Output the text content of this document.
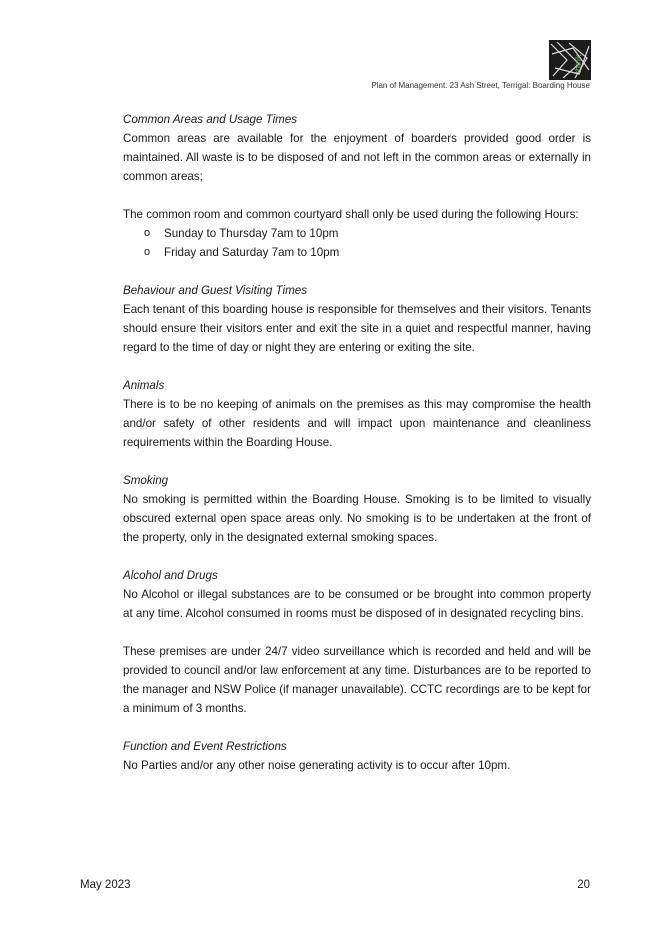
think
Plan of Management: 23 Ash Street, Terrigal: Boarding House
Common Areas and Usage Times

Common areas are available for the enjoyment of boarders provided good order is maintained. All waste is to be disposed of and not left in the common areas or externally in common areas;

The common room and common courtyard shall only be used during the following Hours:

o Sunday to Thursday 7am to 10pm
o Friday and Saturday 7am to 10pm
Behaviour and Guest Visiting Times

Each tenant of this boarding house is responsible for themselves and their visitors. Tenants should ensure their visitors enter and exit the site in a quiet and respectful manner, having regard to the time of day or night they are entering or exiting the site.

Animals

There is to be no keeping of animals on the premises as this may compromise the health and/or safety of other residents and will impact upon maintenance and cleanliness requirements within the Boarding House.

Smoking

No smoking is permitted within the Boarding House. Smoking is to be limited to visually obscured external open space areas only. No smoking is to be undertaken at the front of the property, only in the designated external smoking spaces.

Alcohol and Drugs

No Alcohol or illegal substances are to be consumed or be brought into common property at any time. Alcohol consumed in rooms must be disposed of in designated recycling bins.

These premises are under 24/7 video surveillance which is recorded and held and will be provided to council and/or law enforcement at any time. Disturbances are to be reported to the manager and NSW Police (if manager unavailable). CCTC recordings are to be kept for a minimum of 3 months.

Function and Event Restrictions

No Parties and/or any other noise generating activity is to occur after 10pm.

May 2023	20
